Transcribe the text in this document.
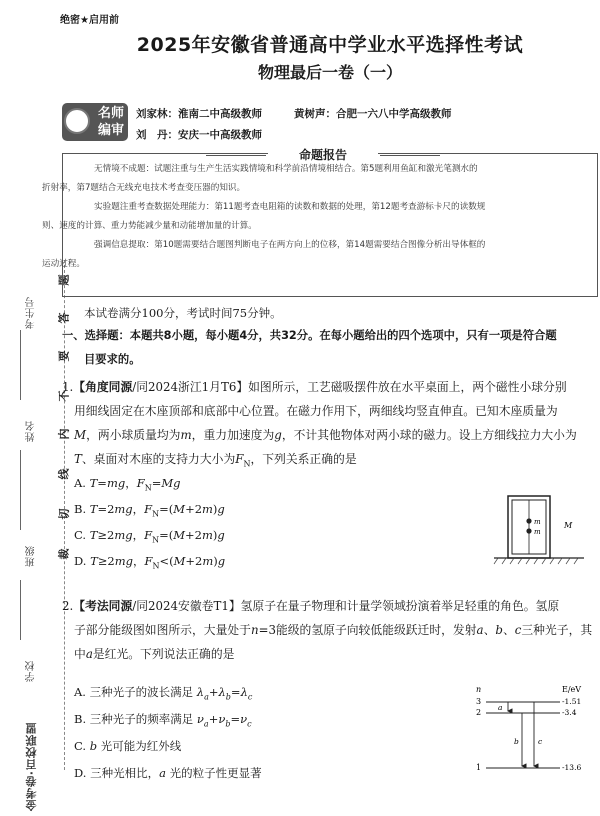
考生号
姓名
班级
学校
金考卷·百校联盟
题
答
要
不
内
线
切
裁
绝密★启用前
2025年安徽省普通高中学业水平选择性考试
物理最后一卷（一）
名师
编审
刘家林：淮南二中高级教师	黄树声：合肥一六八中学高级教师
刘　丹：安庆一中高级教师
命题报告

无情境不成题：试题注重与生产生活实践情境和科学前沿情境相结合。第5题利用鱼缸和激光笔测水的
折射率，第7题结合无线充电技术考查变压器的知识。

实验题注重考查数据处理能力：第11题考查电阻箱的读数和数据的处理，第12题考查游标卡尺的读数规
则、速度的计算、重力势能减少量和动能增加量的计算。

强调信息提取：第10题需要结合题图判断电子在两方向上的位移，第14题需要结合图像分析出导体框的
运动过程。

本试卷满分100分，考试时间75分钟。
一、选择题：本题共8小题，每小题4分，共32分。在每小题给出的四个选项中，只有一项是符合题
目要求的。
1.【角度同源/同2024浙江1月T6】如图所示，工艺磁吸摆件放在水平桌面上，两个磁性小球分别
用细线固定在木座顶部和底部中心位置。在磁力作用下，两细线均竖直伸直。已知木座质量为
M，两小球质量均为m，重力加速度为g，不计其他物体对两小球的磁力。设上方细线拉力大小为
T、桌面对木座的支持力大小为$F_N$，下列关系正确的是
A. T=mg，$F_N=Mg$
B. T=2mg，$F_N=(M+2m)g$
C. T≥2mg，$F_N=(M+2m)g$
D. T≥2mg，$F_N<(M+2m)g$
m
m
M
2.【考法同源/同2024安徽卷T1】氢原子在量子物理和计量学领域扮演着举足轻重的角色。氢原
子部分能级图如图所示，大量处于n=3能级的氢原子向较低能级跃迁时，发射a、b、c三种光子，其
中a是红光。下列说法正确的是
A. 三种光子的波长满足 $\lambda_a+\lambda_b=\lambda_c$
B. 三种光子的频率满足 $\nu_a+\nu_b=\nu_c$
C. b 光可能为红外线
D. 三种光相比，a 光的粒子性更显著
n	E/eV
3	-1.51
2	-3.4
1	-13.6
a
b	c
